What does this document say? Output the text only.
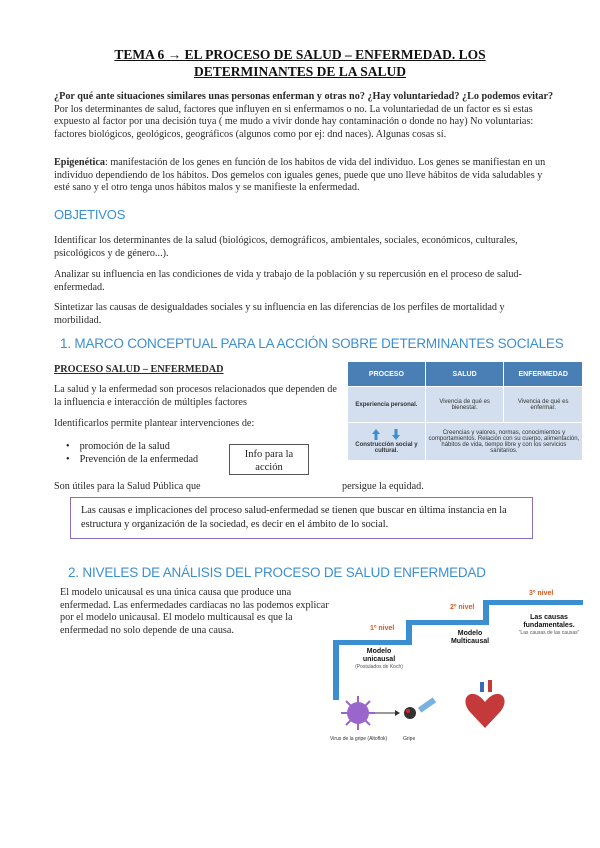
TEMA 6 → EL PROCESO DE SALUD – ENFERMEDAD. LOS DETERMINANTES DE LA SALUD
¿Por qué ante situaciones similares unas personas enferman y otras no? ¿Hay voluntariedad? ¿Lo podemos evitar? Por los determinantes de salud, factores que influyen en si enfermamos o no. La voluntariedad de un factor es si estas expuesto al factor por una decisión tuya ( me mudo a vivir donde hay contaminación o donde no hay) No voluntarias: factores biológicos, geológicos, geográficos (algunos como por ej: dnd naces). Algunas cosas sí.
Epigenética: manifestación de los genes en función de los habitos de vida del individuo. Los genes se manifiestan en un individuo dependiendo de los hábitos. Dos gemelos con iguales genes, puede que uno lleve hábitos de vida saludables y esté sano y el otro tenga unos hábitos malos y se manifieste la enfermedad.
OBJETIVOS
Identificar los determinantes de la salud (biológicos, demográficos, ambientales, sociales, económicos, culturales, psicológicos y de género...).
Analizar su influencia en las condiciones de vida y trabajo de la población y su repercusión en el proceso de salud-enfermedad.
Sintetizar las causas de desigualdades sociales y su influencia en las diferencias de los perfiles de mortalidad y morbilidad.
1. MARCO CONCEPTUAL PARA LA ACCIÓN SOBRE DETERMINANTES SOCIALES
PROCESO SALUD – ENFERMEDAD
La salud y la enfermedad son procesos relacionados que dependen de la influencia e interacción de múltiples factores
Identificarlos permite plantear intervenciones de:
• promoción de la salud
• Prevención de la enfermedad	Info para la acción
Son útiles para la Salud Pública que	persigue la equidad.
PROCESO	SALUD	ENFERMEDAD
Experiencia personal.	Vivencia de qué es bienestar.	Vivencia de qué es enfermar.

Construcción social y cultural.	Creencias y valores, normas, conocimientos y comportamientos. Relación con su cuerpo, alimentación, hábitos de vida, tiempo libre y con los servicios sanitarios.	
Las causas e implicaciones del proceso salud-enfermedad se tienen que buscar en última instancia en la estructura y organización de la sociedad, es decir en el ámbito de lo social.
2. NIVELES DE ANÁLISIS DEL PROCESO DE SALUD ENFERMEDAD
El modelo unicausal es una única causa que produce una enfermedad. Las enfermedades cardiacas no las podemos explicar por el modelo unicausal. El modelo multicausal es que la enfermedad no solo depende de una causa.	1º nivel
Modelo unicausal
(Postulados de Koch)
2º nivel
Modelo Multicausal
3º nivel
Las causas fundamentales.
“Las causas de las causas”
Virus de la gripe (Altoflok)	Gripe
